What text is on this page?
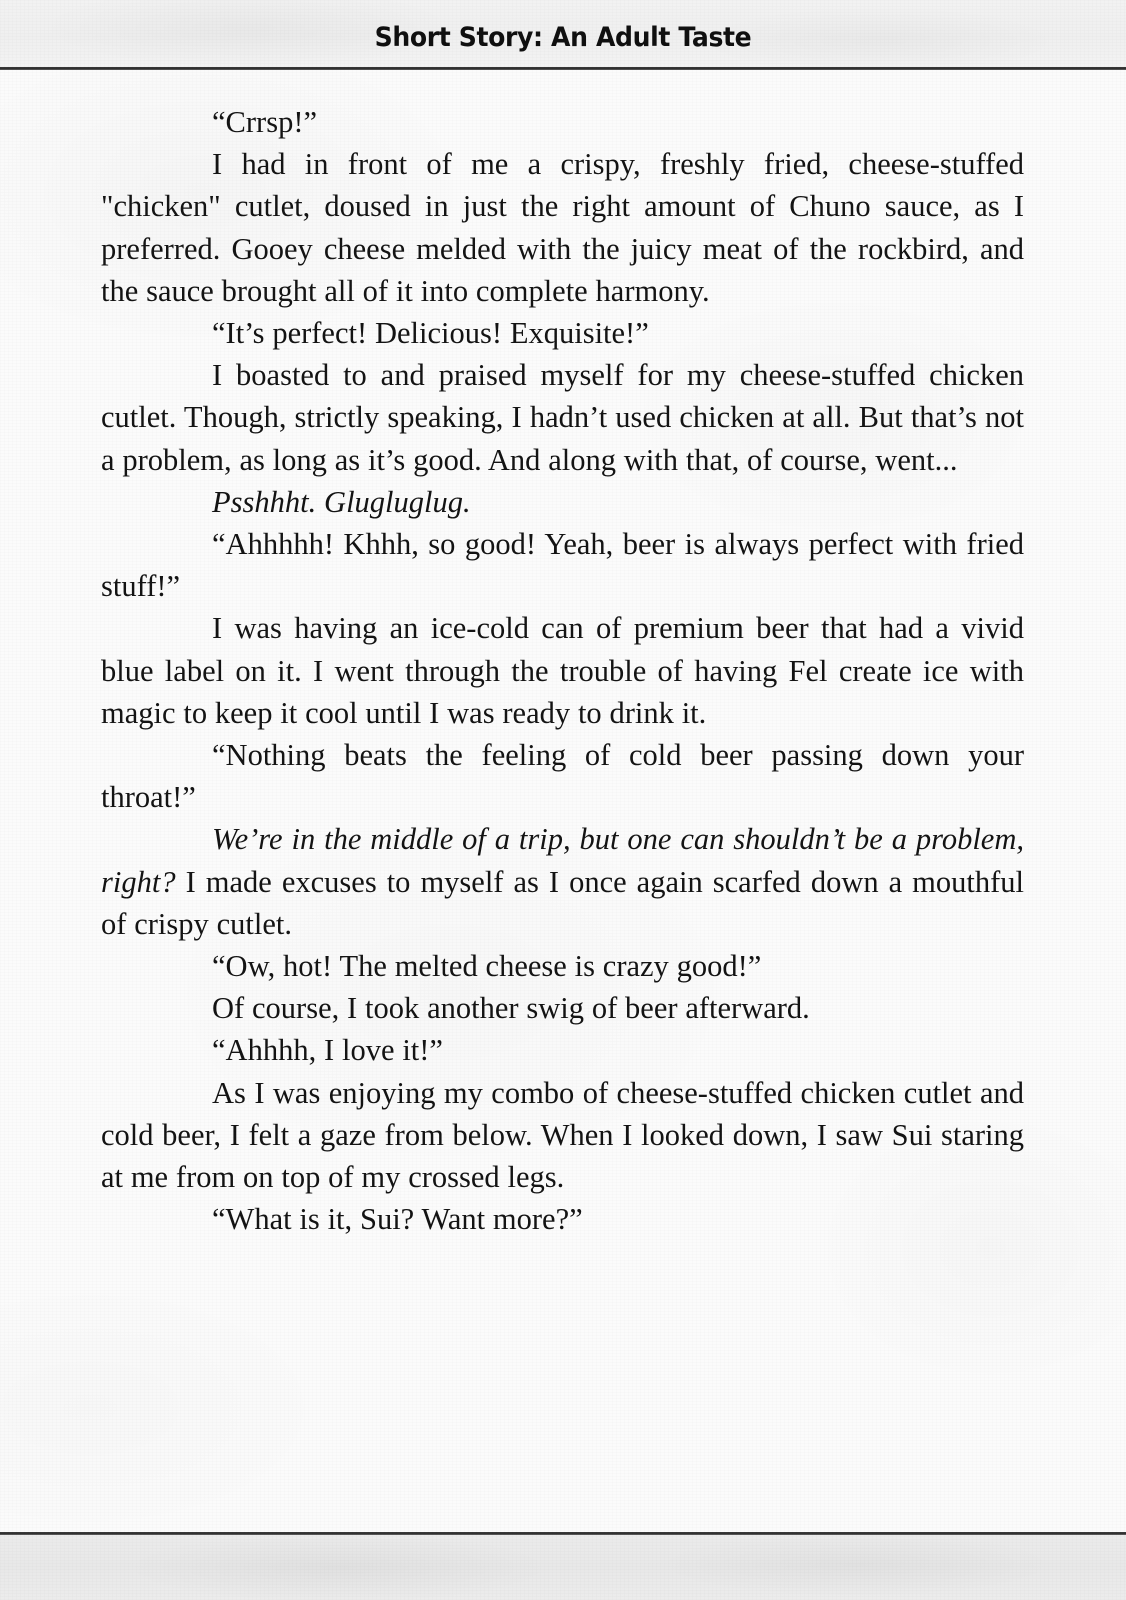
Short Story: An Adult Taste

“Crrsp!”

I had in front of me a crispy, freshly fried, cheese-stuffed "chicken" cutlet, doused in just the right amount of Chuno sauce, as I preferred. Gooey cheese melded with the juicy meat of the rockbird, and the sauce brought all of it into complete harmony.

“It’s perfect! Delicious! Exquisite!”

I boasted to and praised myself for my cheese-stuffed chicken cutlet. Though, strictly speaking, I hadn’t used chicken at all. But that’s not a problem, as long as it’s good. And along with that, of course, went...

Psshhht. Glugluglug.

“Ahhhhh! Khhh, so good! Yeah, beer is always perfect with fried stuff!”

I was having an ice-cold can of premium beer that had a vivid blue label on it. I went through the trouble of having Fel create ice with magic to keep it cool until I was ready to drink it.

“Nothing beats the feeling of cold beer passing down your throat!”

We’re in the middle of a trip, but one can shouldn’t be a problem, right? I made excuses to myself as I once again scarfed down a mouthful of crispy cutlet.

“Ow, hot! The melted cheese is crazy good!”

Of course, I took another swig of beer afterward.

“Ahhhh, I love it!”

As I was enjoying my combo of cheese-stuffed chicken cutlet and cold beer, I felt a gaze from below. When I looked down, I saw Sui staring at me from on top of my crossed legs.

“What is it, Sui? Want more?”
